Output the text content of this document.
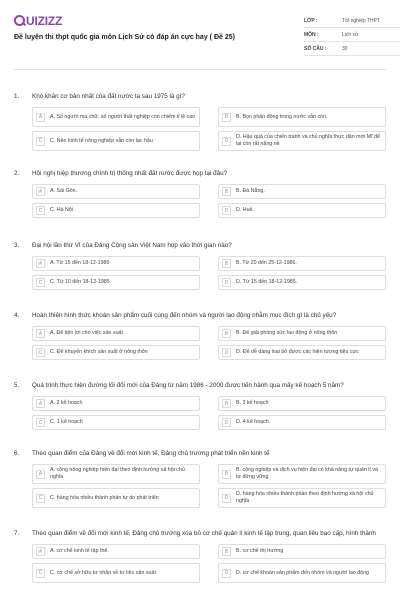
UIZIZZ
Đề luyện thi thpt quốc gia môn Lịch Sử có đáp án cực hay ( Đề 25)
LỚP :	Tốt nghiệp THPT
MÔN :	Lịch sử
SỐ CÂU :	30
1.	Khó khăn cơ bản nhất của đất nước ta sau 1975 là gì?
A	A. Số người mù chữ, số người thất nghiệp còn chiếm tỉ lệ cao	B	B. Bọn phản động trong nước vẫn còn.
C	C. Nền kinh tế nông nghiệp vẫn còn lạc hậu	D
D. Hậu quả của chiến tranh và chủ nghĩa thực dân mới Mĩ để lại còn rất nặng nề
2.	Hội nghị hiệp thương chính trị thống nhất đất nước được họp tại đâu?
A	A. Sài Gòn.	B	B. Đà Nẵng.
C	C. Hà Nội	D	D. Huế.
3.	Đại hội lần thứ VI của Đảng Cộng sản Việt Nam họp vào thời gian nào?
A	A. Từ 15 đến 18-12-1986	B	B. Từ 20 đến 25-12-1986.
C	C. Từ 10 đến 18-12-1985	D	D. Từ 15 đến 18-12-1985.
4.	Hoàn thiện hình thức khoán sản phẩm cuối cùng đến nhóm và người lao động nhằm mục đích gì là chủ yếu?
A	A. Để tiện lợi cho việc sản xuất	B	B. Để giải phóng sức lao động ở nông thôn
C	C. Để khuyến khích sản xuất ở nông thôn	D	D. Để dễ dàng loại bỏ được các hiện tượng tiêu cực
5.	Quá trình thực hiện đường lối đổi mới của Đảng từ năm 1986 - 2000 được tiến hành qua mấy kế hoạch 5 năm?
A	A. 2 kế hoạch	B	B. 3 kế hoạch
C	C. 1 kế hoạch	D	D. 4 kế hoạch.
6.	Theo quan điểm của Đảng về đổi mới kinh tế, Đảng chủ trương phát triển nền kinh tế
A
A. công nông nghiệp hiện đại theo định hướng xã hội chủ nghĩa	B
B. công nghiệp và dịch vụ hiện đại có khả năng tự quản lí và tự đứng vững
C	C. hàng hóa nhiều thành phần tự do phát triển	D
D. hàng hóa nhiều thành phần theo định hướng xã hội chủ nghĩa
7.	Theo quan điểm về đổi mới kinh tế, Đảng chủ trương xóa bỏ cơ chế quản lí kinh tế tập trung, quan liêu bao cấp, hình thành
A	A. cơ chế kinh tế tập thể.	B	B. cơ chế thị trường
C	C. cơ chế sở hữu tư nhân về tư liệu sản xuất	D	D. cơ chế khoán sản phẩm đến nhóm và người lao động
